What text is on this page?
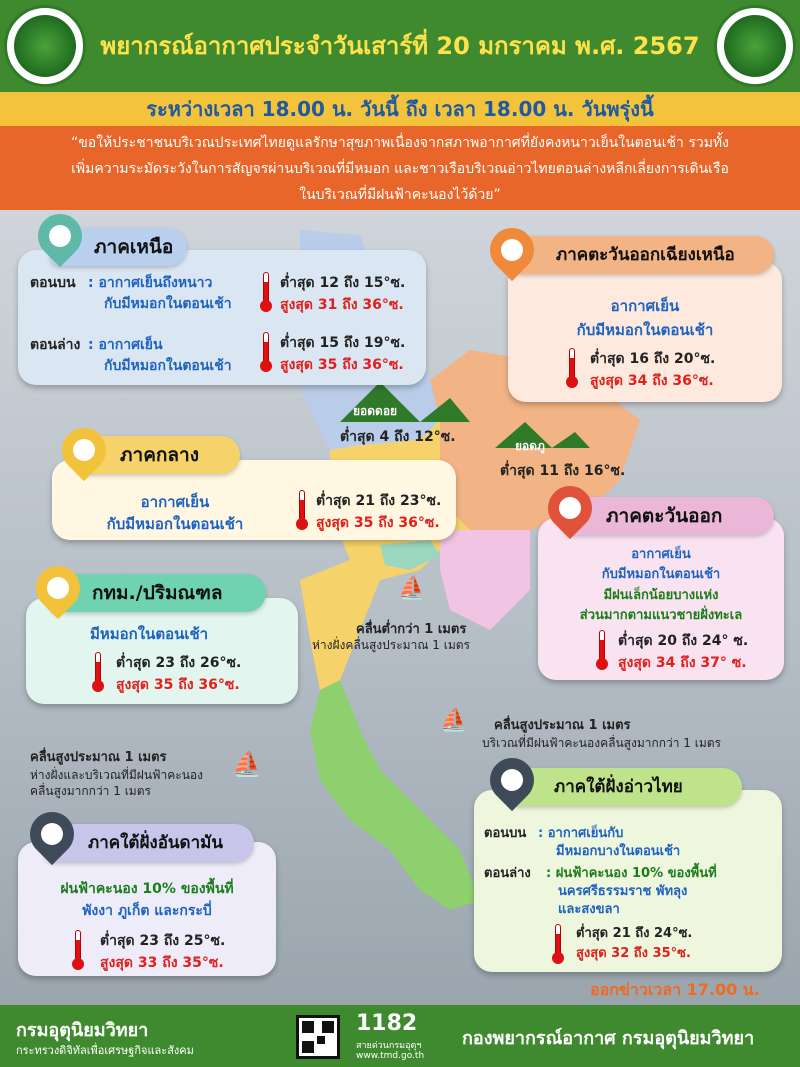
พยากรณ์อากาศประจำวันเสาร์ที่ 20 มกราคม พ.ศ. 2567
ระหว่างเวลา 18.00 น. วันนี้ ถึง เวลา 18.00 น. วันพรุ่งนี้
“ขอให้ประชาชนบริเวณประเทศไทยดูแลรักษาสุขภาพเนื่องจากสภาพอากาศที่ยังคงหนาวเย็นในตอนเช้า รวมทั้ง
เพิ่มความระมัดระวังในการสัญจรผ่านบริเวณที่มีหมอก และชาวเรือบริเวณอ่าวไทยตอนล่างหลีกเลี่ยงการเดินเรือ
ในบริเวณที่มีฝนฟ้าคะนองไว้ด้วย”
ยอดดอย
ต่ำสุด 4 ถึง 12°ซ.
ยอดภู
ต่ำสุด 11 ถึง 16°ซ.
ภาคเหนือ
ตอนบน : อากาศเย็นถึงหนาว
กับมีหมอกในตอนเช้า
ต่ำสุด 12 ถึง 15°ซ.
สูงสุด 31 ถึง 36°ซ.
ตอนล่าง : อากาศเย็น
กับมีหมอกในตอนเช้า
ต่ำสุด 15 ถึง 19°ซ.
สูงสุด 35 ถึง 36°ซ.
ภาคตะวันออกเฉียงเหนือ
อากาศเย็น
กับมีหมอกในตอนเช้า
ต่ำสุด 16 ถึง 20°ซ.
สูงสุด 34 ถึง 36°ซ.
ภาคกลาง
อากาศเย็น
กับมีหมอกในตอนเช้า
ต่ำสุด 21 ถึง 23°ซ.
สูงสุด 35 ถึง 36°ซ.	ภาคตะวันออก
อากาศเย็น
กับมีหมอกในตอนเช้า
มีฝนเล็กน้อยบางแห่ง
ส่วนมากตามแนวชายฝั่งทะเล
ต่ำสุด 20 ถึง 24° ซ.
สูงสุด 34 ถึง 37° ซ.
กทม./ปริมณฑล
มีหมอกในตอนเช้า
ต่ำสุด 23 ถึง 26°ซ.
สูงสุด 35 ถึง 36°ซ.
⛵
คลื่นต่ำกว่า 1 เมตร
ห่างฝั่งคลื่นสูงประมาณ 1 เมตร
⛵ คลื่นสูงประมาณ 1 เมตร
บริเวณที่มีฝนฟ้าคะนองคลื่นสูงมากกว่า 1 เมตร
⛵
คลื่นสูงประมาณ 1 เมตร
ห่างฝั่งและบริเวณที่มีฝนฟ้าคะนอง
คลื่นสูงมากกว่า 1 เมตร
ภาคใต้ฝั่งอันดามัน
ฝนฟ้าคะนอง 10% ของพื้นที่
พังงา ภูเก็ต และกระบี่
ต่ำสุด 23 ถึง 25°ซ.
สูงสุด 33 ถึง 35°ซ.
ภาคใต้ฝั่งอ่าวไทย
ตอนบน : อากาศเย็นกับ
มีหมอกบางในตอนเช้า
ตอนล่าง : ฝนฟ้าคะนอง 10% ของพื้นที่
นครศรีธรรมราช พัทลุง
และสงขลา
ต่ำสุด 21 ถึง 24°ซ.
สูงสุด 32 ถึง 35°ซ.
ออกข่าวเวลา 17.00 น.
กรมอุตุนิยมวิทยา
กระทรวงดิจิทัลเพื่อเศรษฐกิจและสังคม
1182
สายด่วนกรมอุตุฯ
www.tmd.go.th
กองพยากรณ์อากาศ กรมอุตุนิยมวิทยา
